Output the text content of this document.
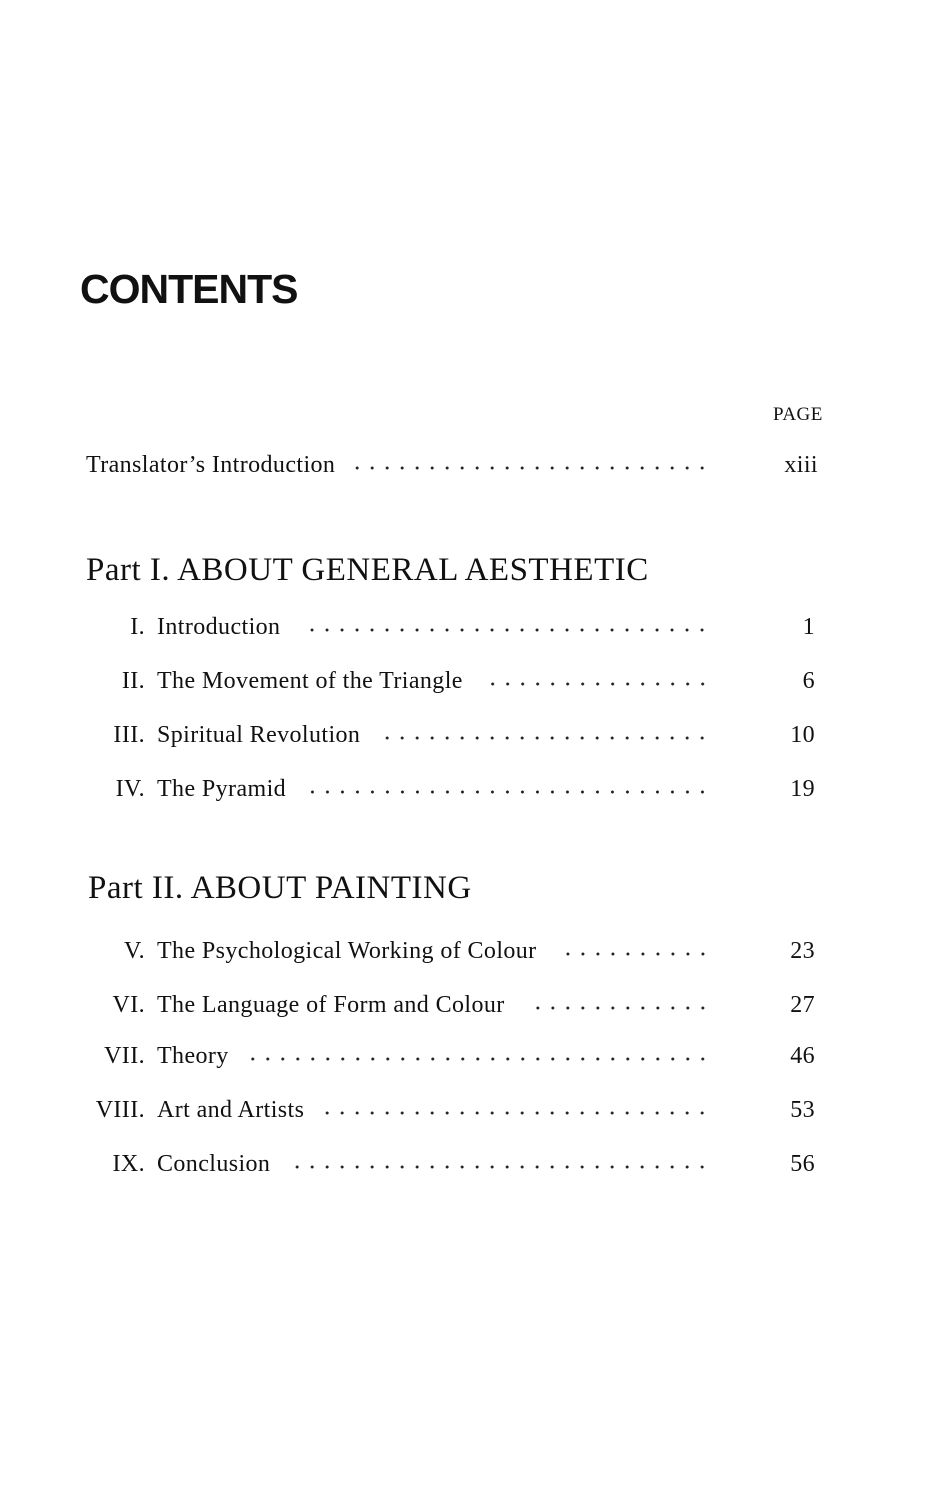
CONTENTS
PAGE
Translator’s Introduction	xiii
Part I. ABOUT GENERAL AESTHETIC
I. Introduction	1
II. The Movement of the Triangle	6
III. Spiritual Revolution	10
IV. The Pyramid	19
Part II. ABOUT PAINTING
V. The Psychological Working of Colour	23
VI. The Language of Form and Colour	27
VII. Theory	46
VIII. Art and Artists	53
IX. Conclusion	56
